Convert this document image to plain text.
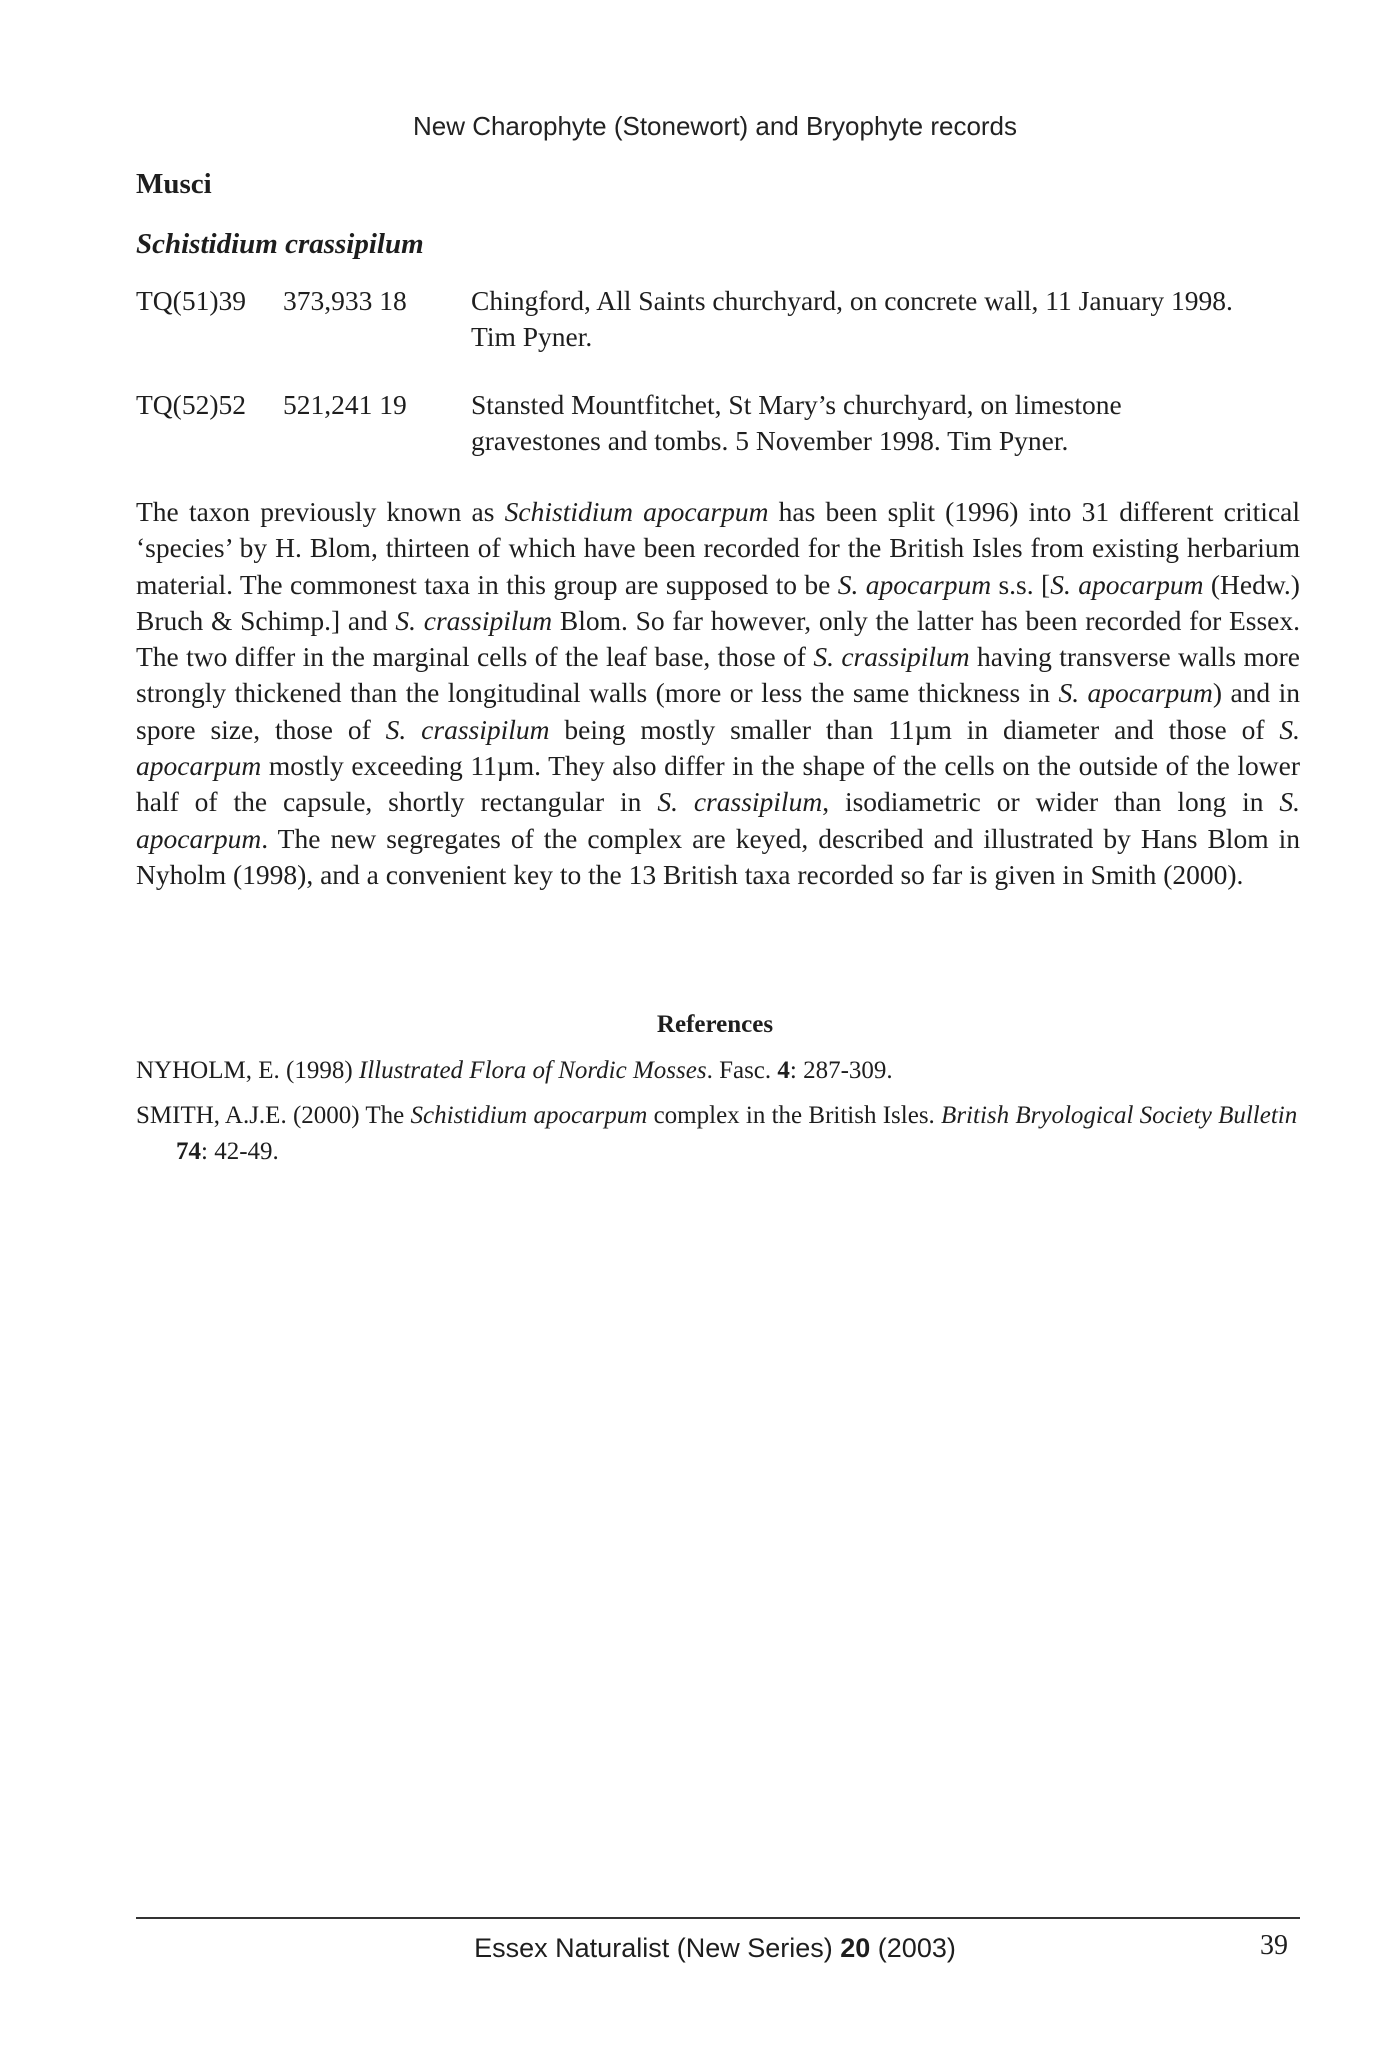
New Charophyte (Stonewort) and Bryophyte records
Musci
Schistidium crassipilum
TQ(51)39	373,933 18	Chingford, All Saints churchyard, on concrete wall, 11 January 1998.
Tim Pyner.
TQ(52)52	521,241 19	Stansted Mountfitchet, St Mary’s churchyard, on limestone
gravestones and tombs. 5 November 1998. Tim Pyner.

The taxon previously known as Schistidium apocarpum has been split (1996) into 31 different critical ‘species’ by H. Blom, thirteen of which have been recorded for the British Isles from existing herbarium material. The commonest taxa in this group are supposed to be S. apocarpum s.s. [S. apocarpum (Hedw.) Bruch & Schimp.] and S. crassipilum Blom. So far however, only the latter has been recorded for Essex. The two differ in the marginal cells of the leaf base, those of S. crassipilum having transverse walls more strongly thickened than the longitudinal walls (more or less the same thickness in S. apocarpum) and in spore size, those of S. crassipilum being mostly smaller than 11µm in diameter and those of S. apocarpum mostly exceeding 11µm. They also differ in the shape of the cells on the outside of the lower half of the capsule, shortly rectangular in S. crassipilum, isodiametric or wider than long in S. apocarpum. The new segregates of the complex are keyed, described and illustrated by Hans Blom in Nyholm (1998), and a convenient key to the 13 British taxa recorded so far is given in Smith (2000).

References
NYHOLM, E. (1998) Illustrated Flora of Nordic Mosses. Fasc. 4: 287-309.
SMITH, A.J.E. (2000) The Schistidium apocarpum complex in the British Isles. British Bryological Society Bulletin 74: 42-49.
Essex Naturalist (New Series) 20 (2003)	39
